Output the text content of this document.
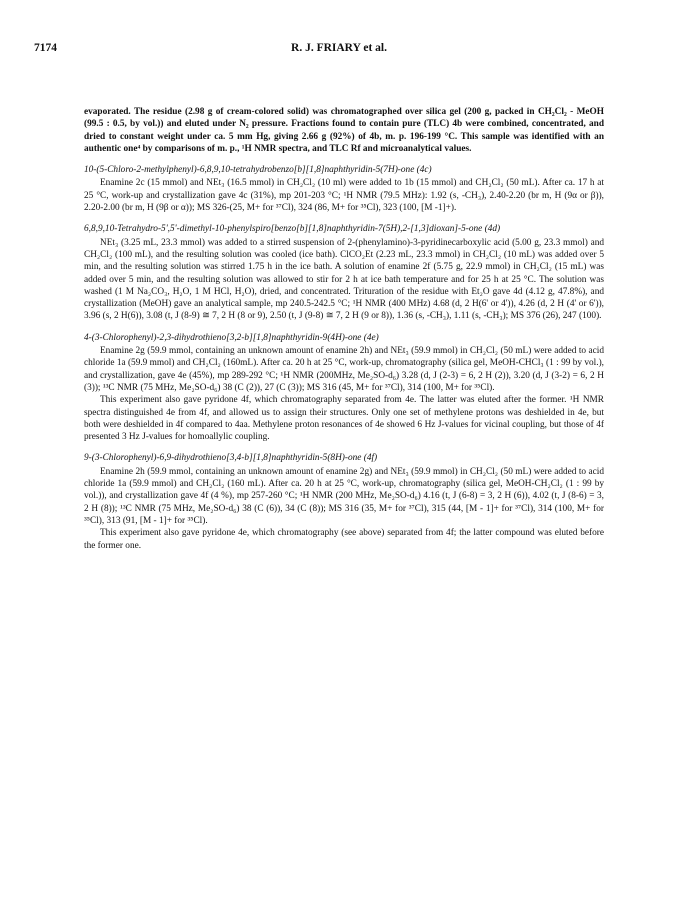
7174	R. J. FRIARY et al.

evaporated. The residue (2.98 g of cream-colored solid) was chromatographed over silica gel (200 g, packed in CH₂Cl₂ - MeOH (99.5 : 0.5, by vol.)) and eluted under N₂ pressure. Fractions found to contain pure (TLC) 4b were combined, concentrated, and dried to constant weight under ca. 5 mm Hg, giving 2.66 g (92%) of 4b, m. p. 196-199 °C. This sample was identified with an authentic one⁴ by comparisons of m. p., ¹H NMR spectra, and TLC Rf and microanalytical values.

10-(5-Chloro-2-methylphenyl)-6,8,9,10-tetrahydrobenzo[b][1,8]naphthyridin-5(7H)-one (4c)

Enamine 2c (15 mmol) and NEt₃ (16.5 mmol) in CH₂Cl₂ (10 ml) were added to 1b (15 mmol) and CH₂Cl₂ (50 mL). After ca. 17 h at 25 °C, work-up and crystallization gave 4c (31%), mp 201-203 °C; ¹H NMR (79.5 MHz): 1.92 (s, -CH₃), 2.40-2.20 (br m, H (9α or β)), 2.20-2.00 (br m, H (9β or α)); MS 326-(25, M+ for ³⁷Cl), 324 (86, M+ for ³⁵Cl), 323 (100, [M -1]+).

6,8,9,10-Tetrahydro-5',5'-dimethyl-10-phenylspiro[benzo[b][1,8]naphthyridin-7(5H),2-[1,3]dioxan]-5-one (4d)

NEt₃ (3.25 mL, 23.3 mmol) was added to a stirred suspension of 2-(phenylamino)-3-pyridinecarboxylic acid (5.00 g, 23.3 mmol) and CH₂Cl₂ (100 mL), and the resulting solution was cooled (ice bath). ClCO₂Et (2.23 mL, 23.3 mmol) in CH₂Cl₂ (10 mL) was added over 5 min, and the resulting solution was stirred 1.75 h in the ice bath. A solution of enamine 2f (5.75 g, 22.9 mmol) in CH₂Cl₂ (15 mL) was added over 5 min, and the resulting solution was allowed to stir for 2 h at ice bath temperature and for 25 h at 25 °C. The solution was washed (1 M Na₂CO₃, H₂O, 1 M HCl, H₂O), dried, and concentrated. Trituration of the residue with Et₂O gave 4d (4.12 g, 47.8%), and crystallization (MeOH) gave an analytical sample, mp 240.5-242.5 °C; ¹H NMR (400 MHz) 4.68 (d, 2 H(6' or 4')), 4.26 (d, 2 H (4' or 6')), 3.96 (s, 2 H(6)), 3.08 (t, J (8-9) ≅ 7, 2 H (8 or 9), 2.50 (t, J (9-8) ≅ 7, 2 H (9 or 8)), 1.36 (s, -CH₃), 1.11 (s, -CH₃); MS 376 (26), 247 (100).

4-(3-Chlorophenyl)-2,3-dihydrothieno[3,2-b][1,8]naphthyridin-9(4H)-one (4e)

Enamine 2g (59.9 mmol, containing an unknown amount of enamine 2h) and NEt₃ (59.9 mmol) in CH₂Cl₂ (50 mL) were added to acid chloride 1a (59.9 mmol) and CH₂Cl₂ (160mL). After ca. 20 h at 25 °C, work-up, chromatography (silica gel, MeOH-CHCl₃ (1 : 99 by vol.), and crystallization, gave 4e (45%), mp 289-292 °C; ¹H NMR (200MHz, Me₂SO-d₆) 3.28 (d, J (2-3) = 6, 2 H (2)), 3.20 (d, J (3-2) = 6, 2 H (3)); ¹³C NMR (75 MHz, Me₂SO-d₆) 38 (C (2)), 27 (C (3)); MS 316 (45, M+ for ³⁷Cl), 314 (100, M+ for ³⁵Cl).

This experiment also gave pyridone 4f, which chromatography separated from 4e. The latter was eluted after the former. ¹H NMR spectra distinguished 4e from 4f, and allowed us to assign their structures. Only one set of methylene protons was deshielded in 4e, but both were deshielded in 4f compared to 4aa. Methylene proton resonances of 4e showed 6 Hz J-values for vicinal coupling, but those of 4f presented 3 Hz J-values for homoallylic coupling.

9-(3-Chlorophenyl)-6,9-dihydrothieno[3,4-b][1,8]naphthyridin-5(8H)-one (4f)

Enamine 2h (59.9 mmol, containing an unknown amount of enamine 2g) and NEt₃ (59.9 mmol) in CH₂Cl₂ (50 mL) were added to acid chloride 1a (59.9 mmol) and CH₂Cl₂ (160 mL). After ca. 20 h at 25 °C, work-up, chromatography (silica gel, MeOH-CH₂Cl₂ (1 : 99 by vol.)), and crystallization gave 4f (4 %), mp 257-260 °C; ¹H NMR (200 MHz, Me₂SO-d₆) 4.16 (t, J (6-8) = 3, 2 H (6)), 4.02 (t, J (8-6) = 3, 2 H (8)); ¹³C NMR (75 MHz, Me₂SO-d₆) 38 (C (6)), 34 (C (8)); MS 316 (35, M+ for ³⁷Cl), 315 (44, [M - 1]+ for ³⁷Cl), 314 (100, M+ for ³⁵Cl), 313 (91, [M - 1]+ for ³⁵Cl).

This experiment also gave pyridone 4e, which chromatography (see above) separated from 4f; the latter compound was eluted before the former one.
